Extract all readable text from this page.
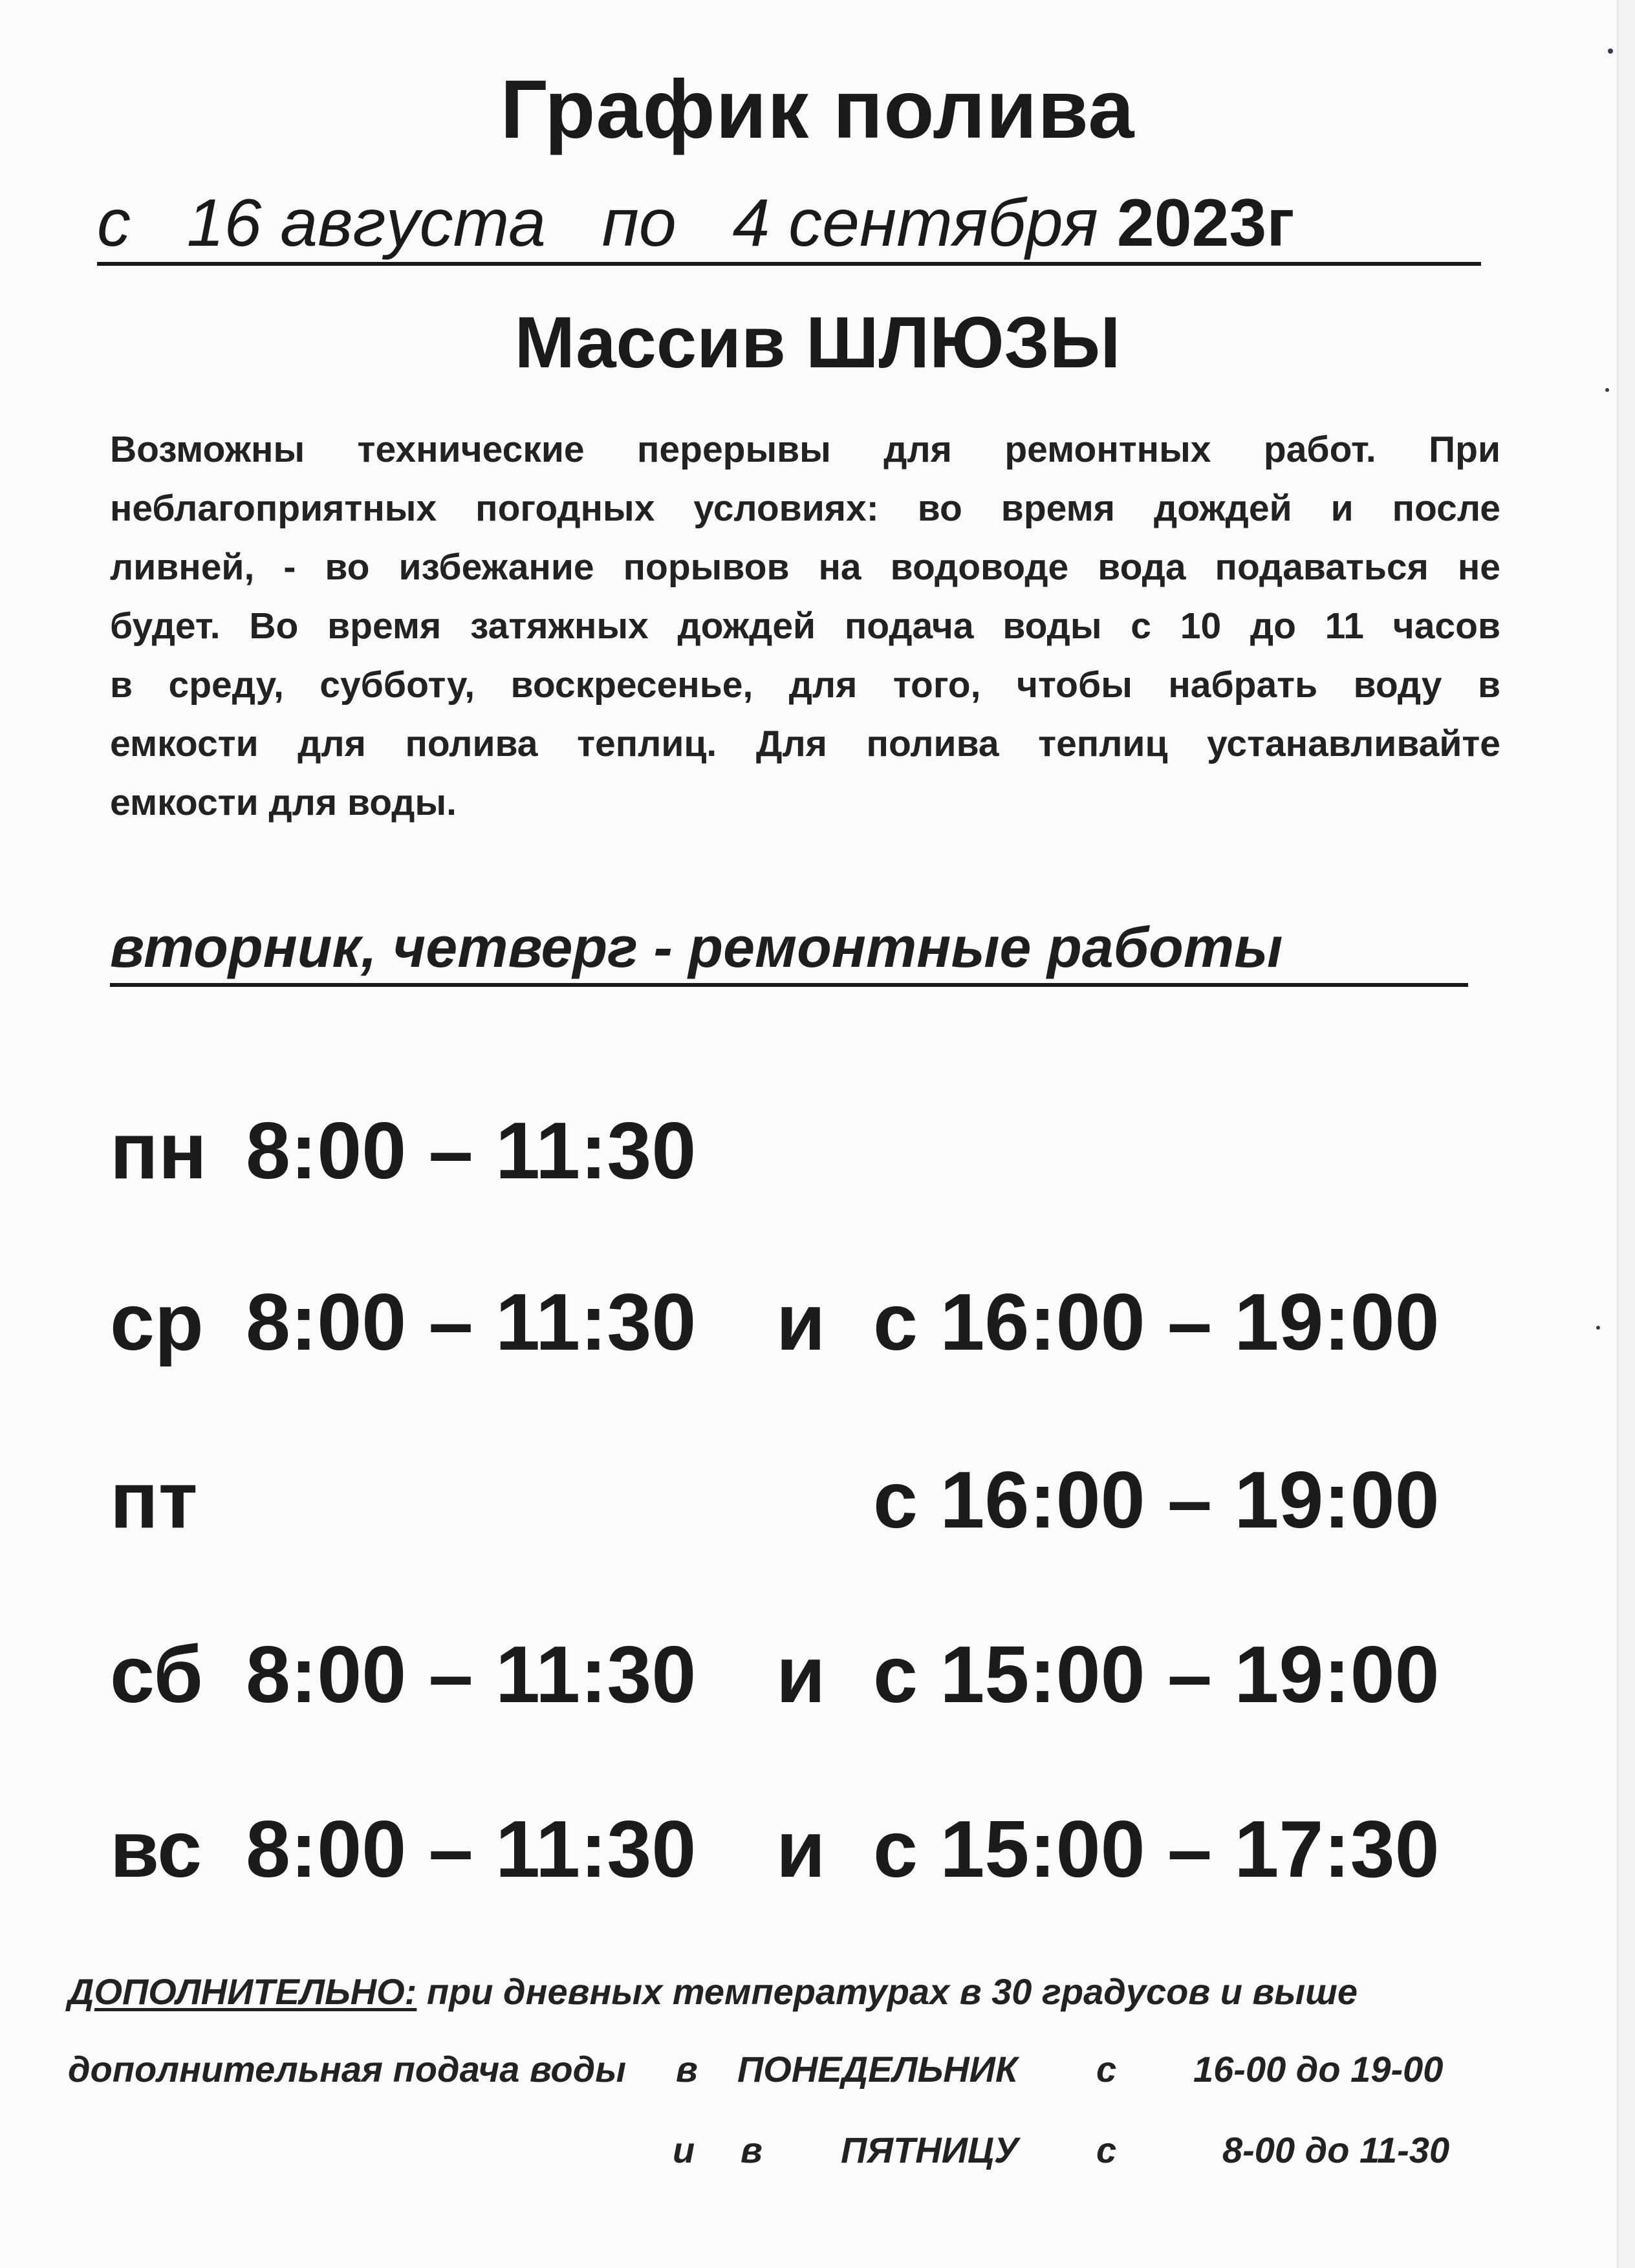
График полива
с 16 августа по 4 сентября 2023г
Массив ШЛЮЗЫ
Возможны технические перерывы для ремонтных работ. При
неблагоприятных погодных условиях: во время дождей и после
ливней, - во избежание порывов на водоводе вода подаваться не
будет. Во время затяжных дождей подача воды с 10 до 11 часов
в среду, субботу, воскресенье, для того, чтобы набрать воду в
емкости для полива теплиц. Для полива теплиц устанавливайте
емкости для воды.
вторник, четверг - ремонтные работы
пн 8:00 – 11:30
ср 8:00 – 11:30 и с 16:00 – 19:00
пт	с 16:00 – 19:00
сб 8:00 – 11:30 и с 15:00 – 19:00
вс 8:00 – 11:30 и с 15:00 – 17:30
ДОПОЛНИТЕЛЬНО: при дневных температурах в 30 градусов и выше
дополнительная подача воды в ПОНЕДЕЛЬНИК с 16-00 до 19-00
и в ПЯТНИЦУ с	8-00 до 11-30
